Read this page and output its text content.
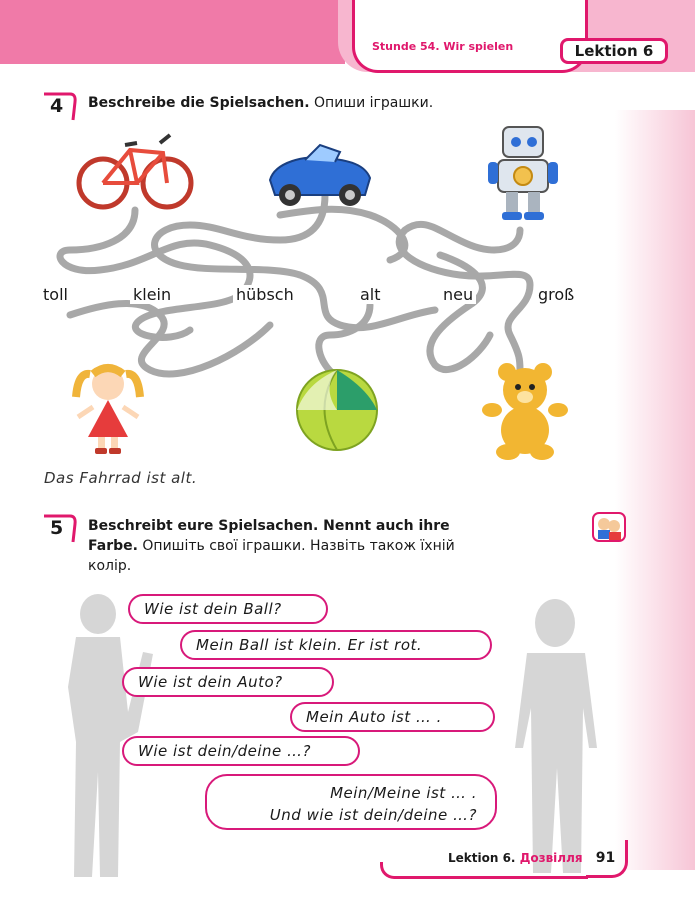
Stunde 54. Wir spielen	Lektion 6
4 Beschreibe die Spielsachen. Опиши іграшки.
toll	klein	hübsch	alt	neu	groß
Das Fahrrad ist alt.
5 Beschreibt eure Spielsachen. Nennt auch ihre
Farbe. Опишіть свої іграшки. Назвіть також їхній
колір.
Wie ist dein Ball?
Mein Ball ist klein. Er ist rot.
Wie ist dein Auto?
Mein Auto ist … .
Wie ist dein/deine …?
Mein/Meine ist … .
Und wie ist dein/deine …?
Lektion 6. Дозвілля 91
